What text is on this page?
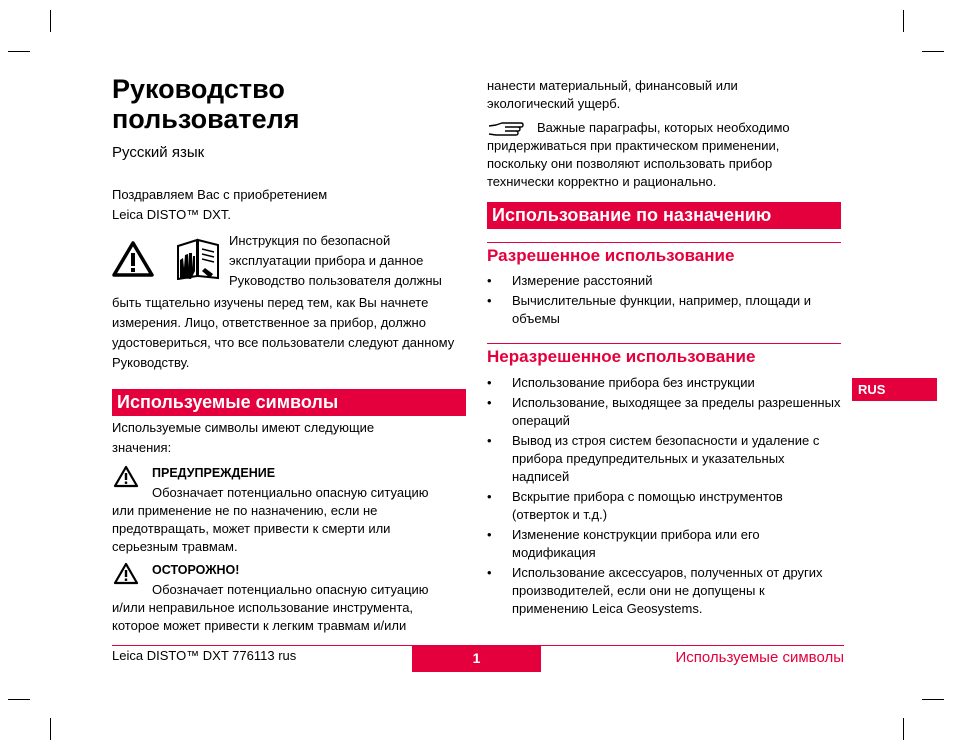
Руководство пользователя
Русский язык
Поздравляем Вас с приобретением
Leica DISTO™ DXT.
Инструкция по безопасной эксплуатации прибора и данное Руководство пользователя должны
быть тщательно изучены перед тем, как Вы начнете измерения. Лицо, ответственное за прибор, должно удостовериться, что все пользователи следуют данному Руководству.
Используемые символы
Используемые символы имеют следующие значения:
ПРЕДУПРЕЖДЕНИЕ
Обозначает потенциально опасную ситуацию
или применение не по назначению, если не предотвращать, может привести к смерти или серьезным травмам.
ОСТОРОЖНО!
Обозначает потенциально опасную ситуацию
и/или неправильное использование инструмента, которое может привести к легким травмам и/или
нанести материальный, финансовый или экологический ущерб.
Важные параграфы, которых необходимо придерживаться при практическом применении, поскольку они позволяют использовать прибор технически корректно и рационально.
Использование по назначению
Разрешенное использование
• Измерение расстояний
• Вычислительные функции, например, площади и объемы
Неразрешенное использование
• Использование прибора без инструкции
• Использование, выходящее за пределы разрешенных операций
• Вывод из строя систем безопасности и удаление с прибора предупредительных и указательных надписей
• Вскрытие прибора с помощью инструментов (отверток и т.д.)
• Изменение конструкции прибора или его модификация
• Использование аксессуаров, полученных от других производителей, если они не допущены к применению Leica Geosystems.
RUS
Leica DISTO™ DXT 776113 rus	1	Используемые символы
